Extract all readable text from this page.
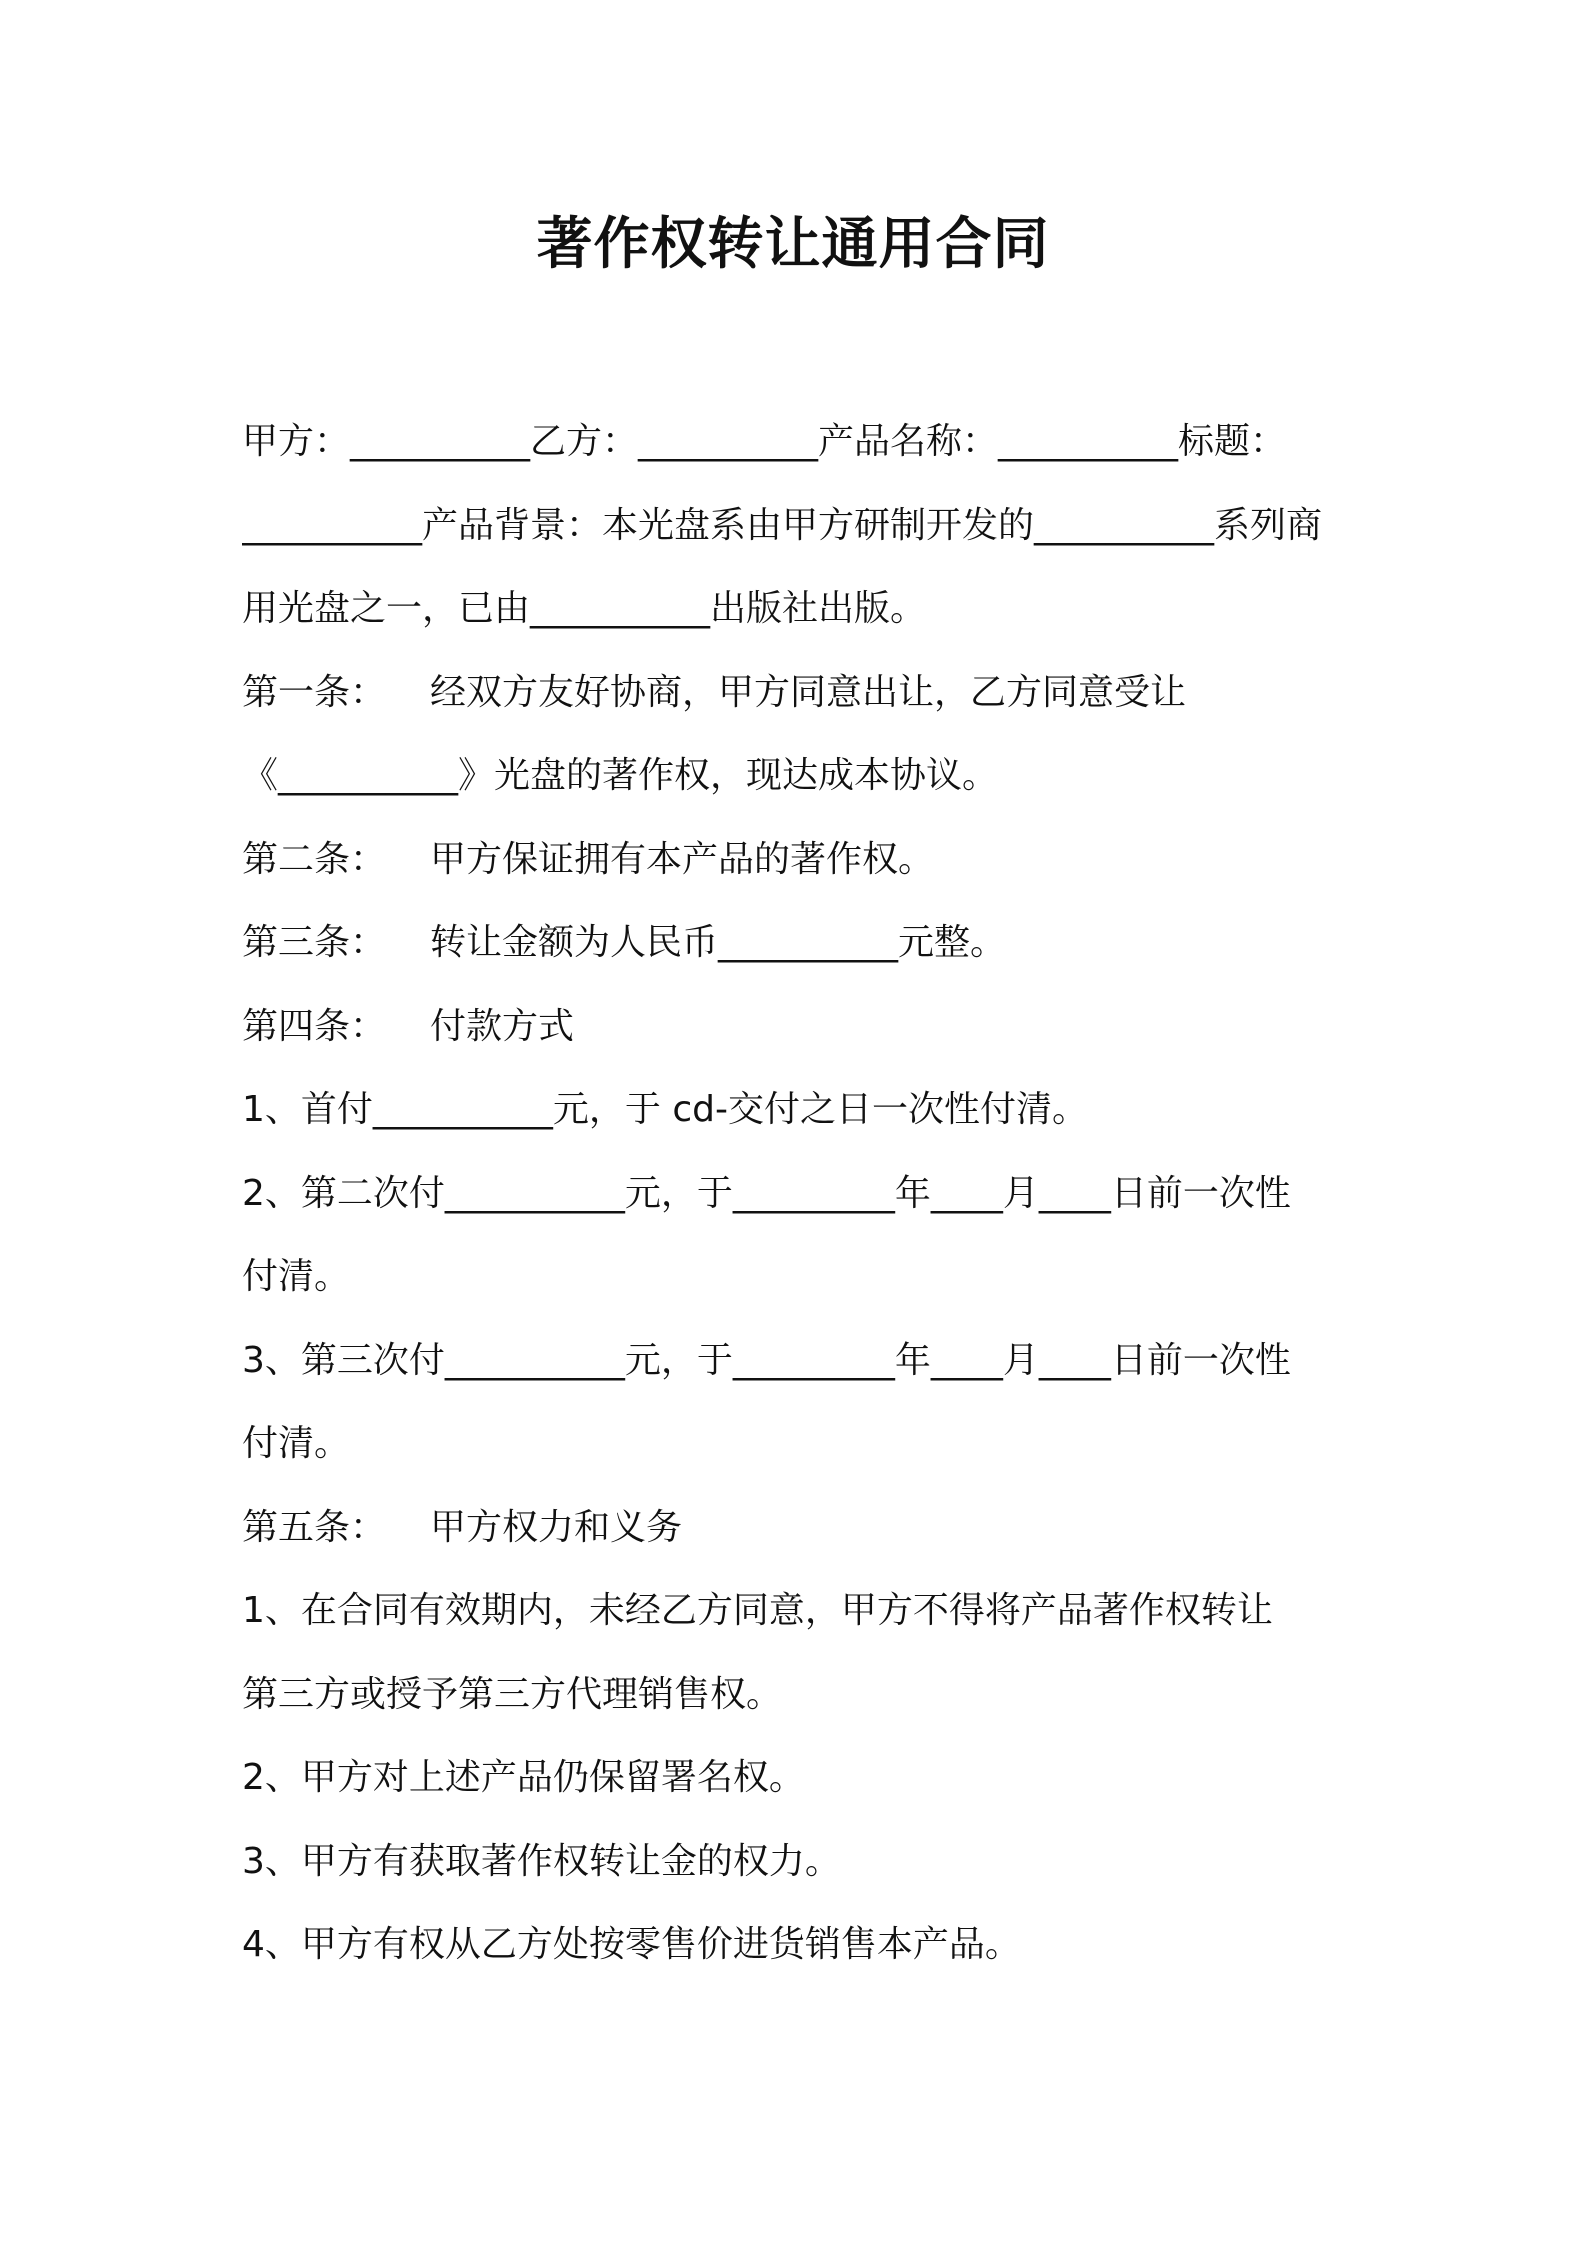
著作权转让通用合同
甲方：__________乙方：__________产品名称：__________标题：
__________产品背景：本光盘系由甲方研制开发的__________系列商
用光盘之一，已由__________出版社出版。
第一条： 经双方友好协商，甲方同意出让，乙方同意受让
《__________》光盘的著作权，现达成本协议。
第二条： 甲方保证拥有本产品的著作权。
第三条： 转让金额为人民币__________元整。
第四条： 付款方式
1、首付__________元，于 cd-交付之日一次性付清。
2、第二次付__________元，于_________年____月____日前一次性
付清。
3、第三次付__________元，于_________年____月____日前一次性
付清。
第五条： 甲方权力和义务
1、在合同有效期内，未经乙方同意，甲方不得将产品著作权转让
第三方或授予第三方代理销售权。
2、甲方对上述产品仍保留署名权。
3、甲方有获取著作权转让金的权力。
4、甲方有权从乙方处按零售价进货销售本产品。
